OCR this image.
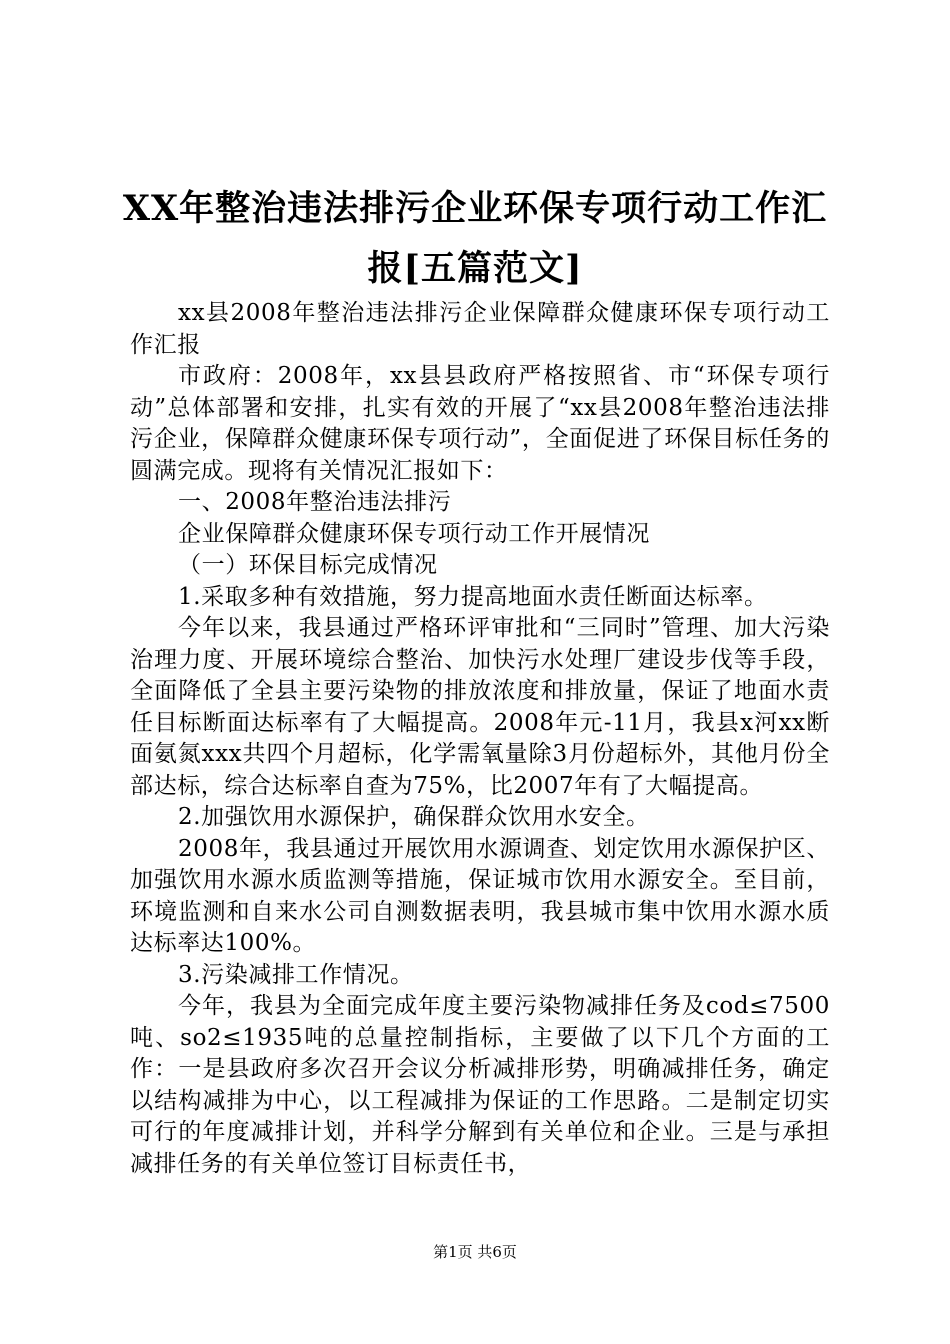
XX年整治违法排污企业环保专项行动工作汇
报[五篇范文]

xx县2008年整治违法排污企业保障群众健康环保专项行动工作汇报

市政府：2008年，xx县县政府严格按照省、市“环保专项行动”总体部署和安排，扎实有效的开展了“xx县2008年整治违法排污企业，保障群众健康环保专项行动”，全面促进了环保目标任务的圆满完成。现将有关情况汇报如下：

一、2008年整治违法排污

企业保障群众健康环保专项行动工作开展情况

（一）环保目标完成情况

1.采取多种有效措施，努力提高地面水责任断面达标率。

今年以来，我县通过严格环评审批和“三同时”管理、加大污染治理力度、开展环境综合整治、加快污水处理厂建设步伐等手段，全面降低了全县主要污染物的排放浓度和排放量，保证了地面水责任目标断面达标率有了大幅提高。2008年元-11月，我县x河xx断面氨氮xxx共四个月超标，化学需氧量除3月份超标外，其他月份全部达标，综合达标率自查为75%，比2007年有了大幅提高。

2.加强饮用水源保护，确保群众饮用水安全。

2008年，我县通过开展饮用水源调查、划定饮用水源保护区、加强饮用水源水质监测等措施，保证城市饮用水源安全。至目前，环境监测和自来水公司自测数据表明，我县城市集中饮用水源水质达标率达100%。

3.污染减排工作情况。

今年，我县为全面完成年度主要污染物减排任务及cod≤7500吨、so2≤1935吨的总量控制指标，主要做了以下几个方面的工作：一是县政府多次召开会议分析减排形势，明确减排任务，确定以结构减排为中心，以工程减排为保证的工作思路。二是制定切实可行的年度减排计划，并科学分解到有关单位和企业。三是与承担减排任务的有关单位签订目标责任书，

第1页 共6页
